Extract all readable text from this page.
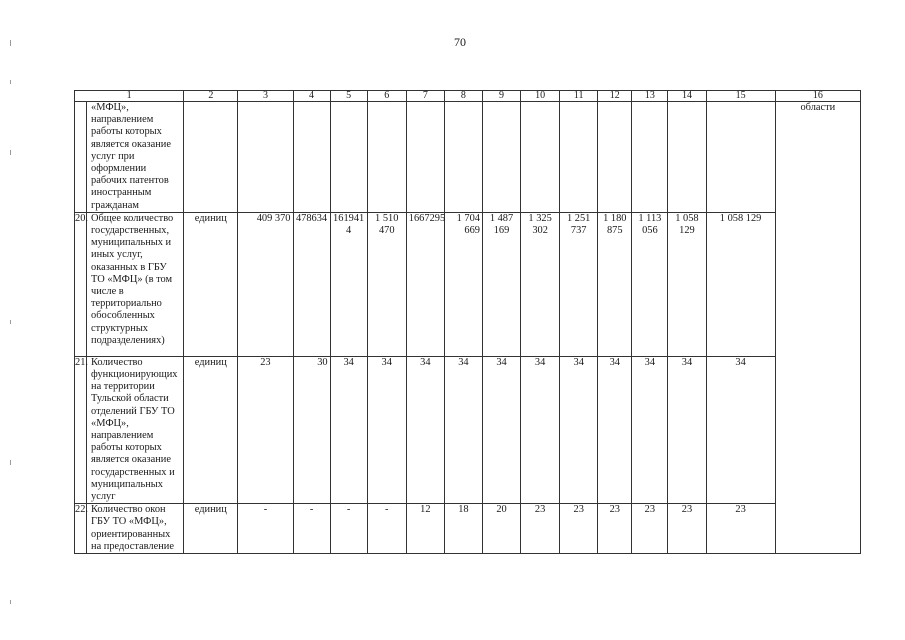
70
1		2	3	4	5	6	7	8	9	10	11	12	13	14	15	16
	«МФЦ», направлением работы которых является оказание услуг при оформлении рабочих патентов иностранным гражданам															области
20.	Общее количество государственных, муниципальных и иных услуг, оказанных в ГБУ ТО «МФЦ» (в том числе в территориально обособленных структурных подразделениях)	единиц	409 370	478634	161941 4	1 510 470	1667295	1 704 669	1 487 169	1 325 302	1 251 737	1 180 875	1 113 056	1 058 129	1 058 129	
21.	Количество функционирующих на территории Тульской области отделений ГБУ ТО «МФЦ», направлением работы которых является оказание государственных и муниципальных услуг	единиц	23	30	34	34	34	34	34	34	34	34	34	34	34	
22.	Количество окон ГБУ ТО «МФЦ», ориентированных на предоставление	единиц	-	-	-	-	12	18	20	23	23	23	23	23	23	
